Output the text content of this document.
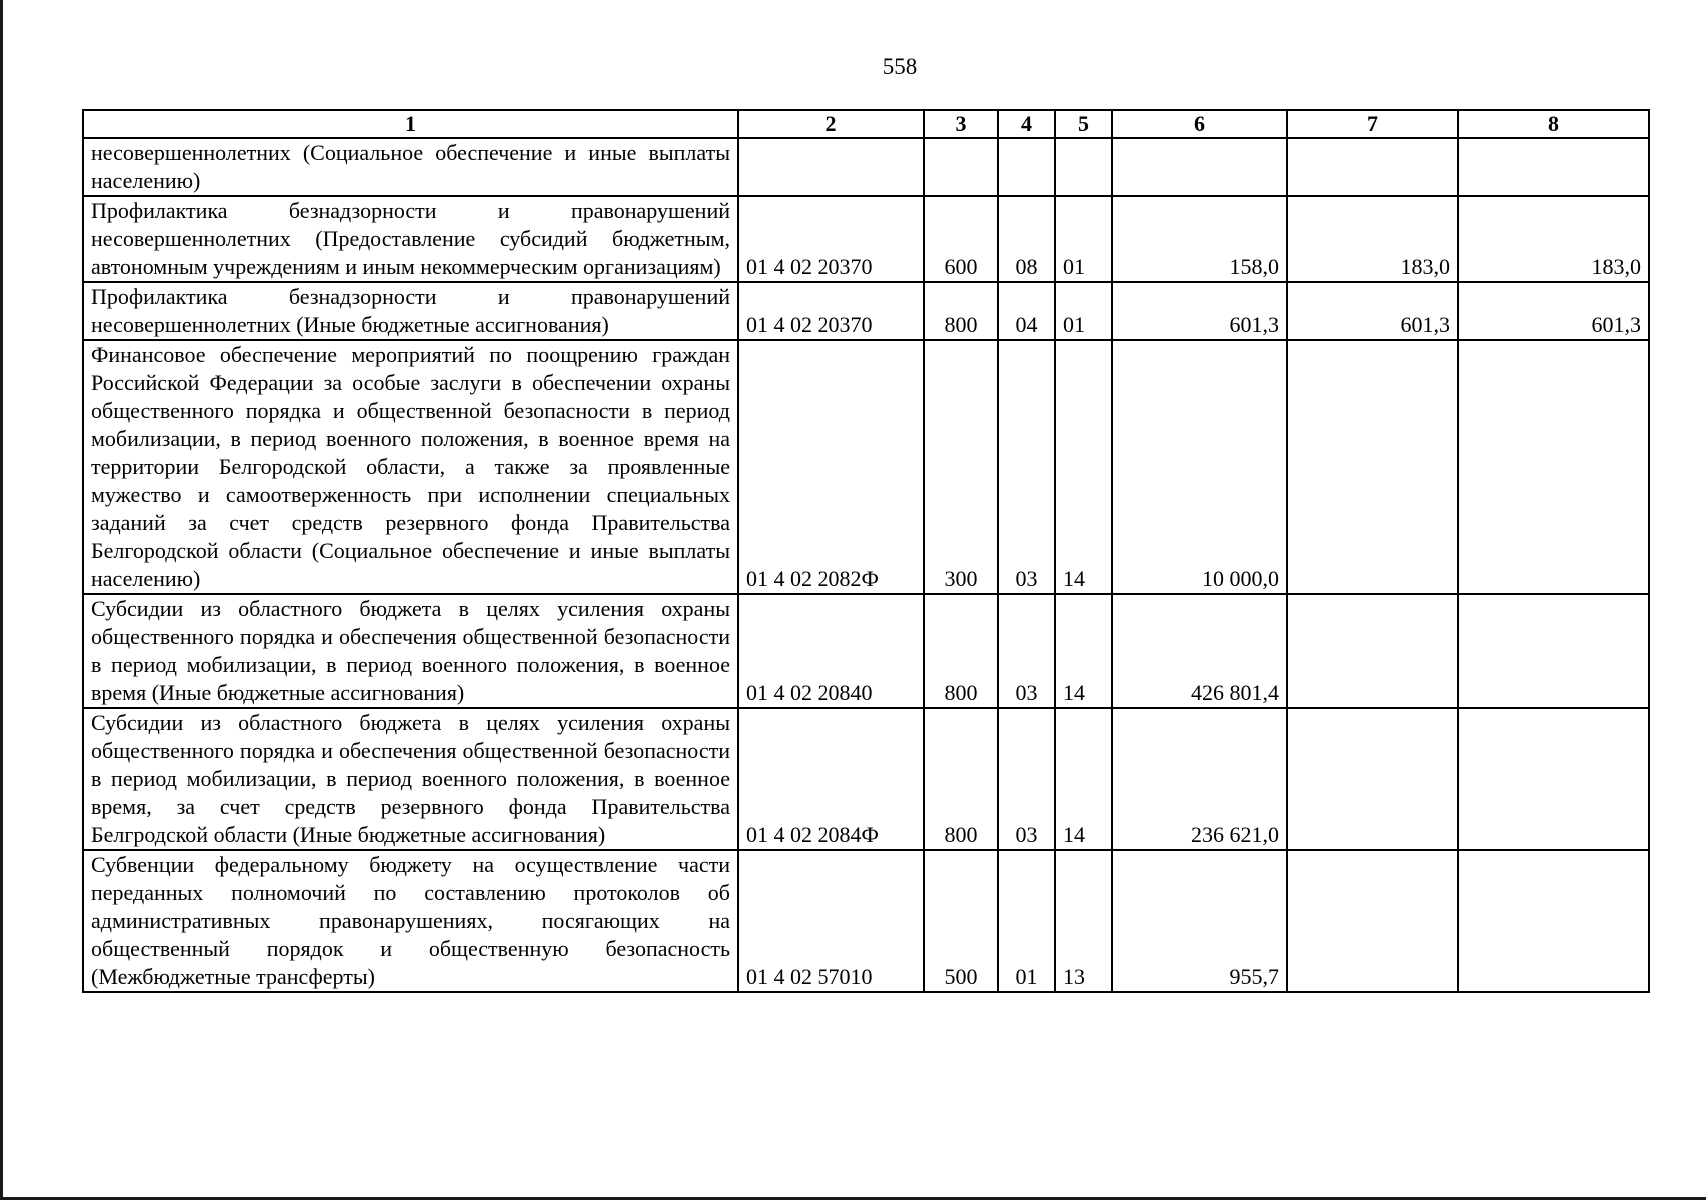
558
1	2	3	4	5	6	7	8
несовершеннолетних (Социальное обеспечение и иные выплаты населению)							
Профилактика безнадзорности и правонарушений несовершеннолетних (Предоставление субсидий бюджетным, автономным учреждениям и иным некоммерческим организациям)	01 4 02 20370	600	08	01	158,0	183,0	183,0
Профилактика безнадзорности и правонарушений несовершеннолетних (Иные бюджетные ассигнования)	01 4 02 20370	800	04	01	601,3	601,3	601,3
Финансовое обеспечение мероприятий по поощрению граждан Российской Федерации за особые заслуги в обеспечении охраны общественного порядка и общественной безопасности в период мобилизации, в период военного положения, в военное время на территории Белгородской области, а также за проявленные мужество и самоотверженность при исполнении специальных заданий за счет средств резервного фонда Правительства Белгородской области (Социальное обеспечение и иные выплаты населению)	01 4 02 2082Ф	300	03	14	10 000,0		
Субсидии из областного бюджета в целях усиления охраны общественного порядка и обеспечения общественной безопасности в период мобилизации, в период военного положения, в военное время (Иные бюджетные ассигнования)	01 4 02 20840	800	03	14	426 801,4		
Субсидии из областного бюджета в целях усиления охраны общественного порядка и обеспечения общественной безопасности в период мобилизации, в период военного положения, в военное время, за счет средств резервного фонда Правительства Белгродской области (Иные бюджетные ассигнования)	01 4 02 2084Ф	800	03	14	236 621,0		
Субвенции федеральному бюджету на осуществление части переданных полномочий по составлению протоколов об административных правонарушениях, посягающих на общественный порядок и общественную безопасность (Межбюджетные трансферты)	01 4 02 57010	500	01	13	955,7		
